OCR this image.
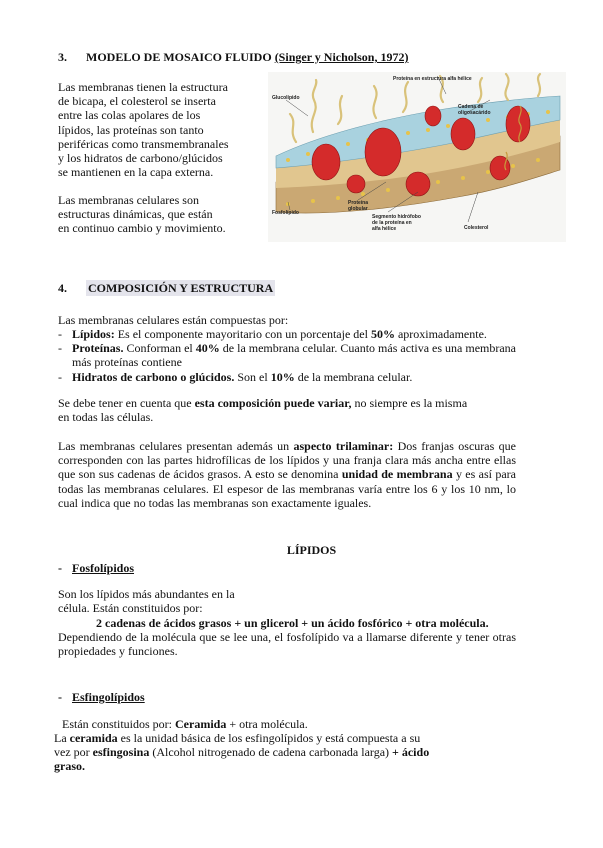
3. MODELO DE MOSAICO FLUIDO (Singer y Nicholson, 1972)
Las membranas tienen la estructura
de bicapa, el colesterol se inserta
entre las colas apolares de los
lípidos, las proteínas son tanto
periféricas como transmembranales
y los hidratos de carbono/glúcidos
se mantienen en la capa externa.
Las membranas celulares son
estructuras dinámicas, que están
en continuo cambio y movimiento.
Glucolípido
Proteína en estructura alfa hélice
Cadena de
oligosacárido
Fosfolípido
Proteína
globular
Segmento hidrófobo
de la proteína en
alfa hélice	Colesterol
4. COMPOSICIÓN Y ESTRUCTURA
Las membranas celulares están compuestas por:
- Lípidos: Es el componente mayoritario con un porcentaje del 50% aproximadamente.
- Proteínas. Conforman el 40% de la membrana celular. Cuanto más activa es una membrana
más proteínas contiene
- Hidratos de carbono o glúcidos. Son el 10% de la membrana celular.
Se debe tener en cuenta que esta composición puede variar, no siempre es la misma
en todas las células.
Las membranas celulares presentan además un aspecto trilaminar: Dos franjas oscuras que corresponden con las partes hidrofílicas de los lípidos y una franja clara más ancha entre ellas que son sus cadenas de ácidos grasos. A esto se denomina unidad de membrana y es así para todas las membranas celulares. El espesor de las membranas varía entre los 6 y los 10 nm, lo cual indica que no todas las membranas son exactamente iguales.
LÍPIDOS
- Fosfolípidos
Son los lípidos más abundantes en la
célula. Están constituidos por:
2 cadenas de ácidos grasos + un glicerol + un ácido fosfórico + otra molécula.
Dependiendo de la molécula que se lee una, el fosfolípido va a llamarse diferente y tener otras propiedades y funciones.
- Esfingolípidos
Están constituidos por: Ceramida + otra molécula.
La ceramida es la unidad básica de los esfingolípidos y está compuesta a su
vez por esfingosina (Alcohol nitrogenado de cadena carbonada larga) + ácido
graso.
